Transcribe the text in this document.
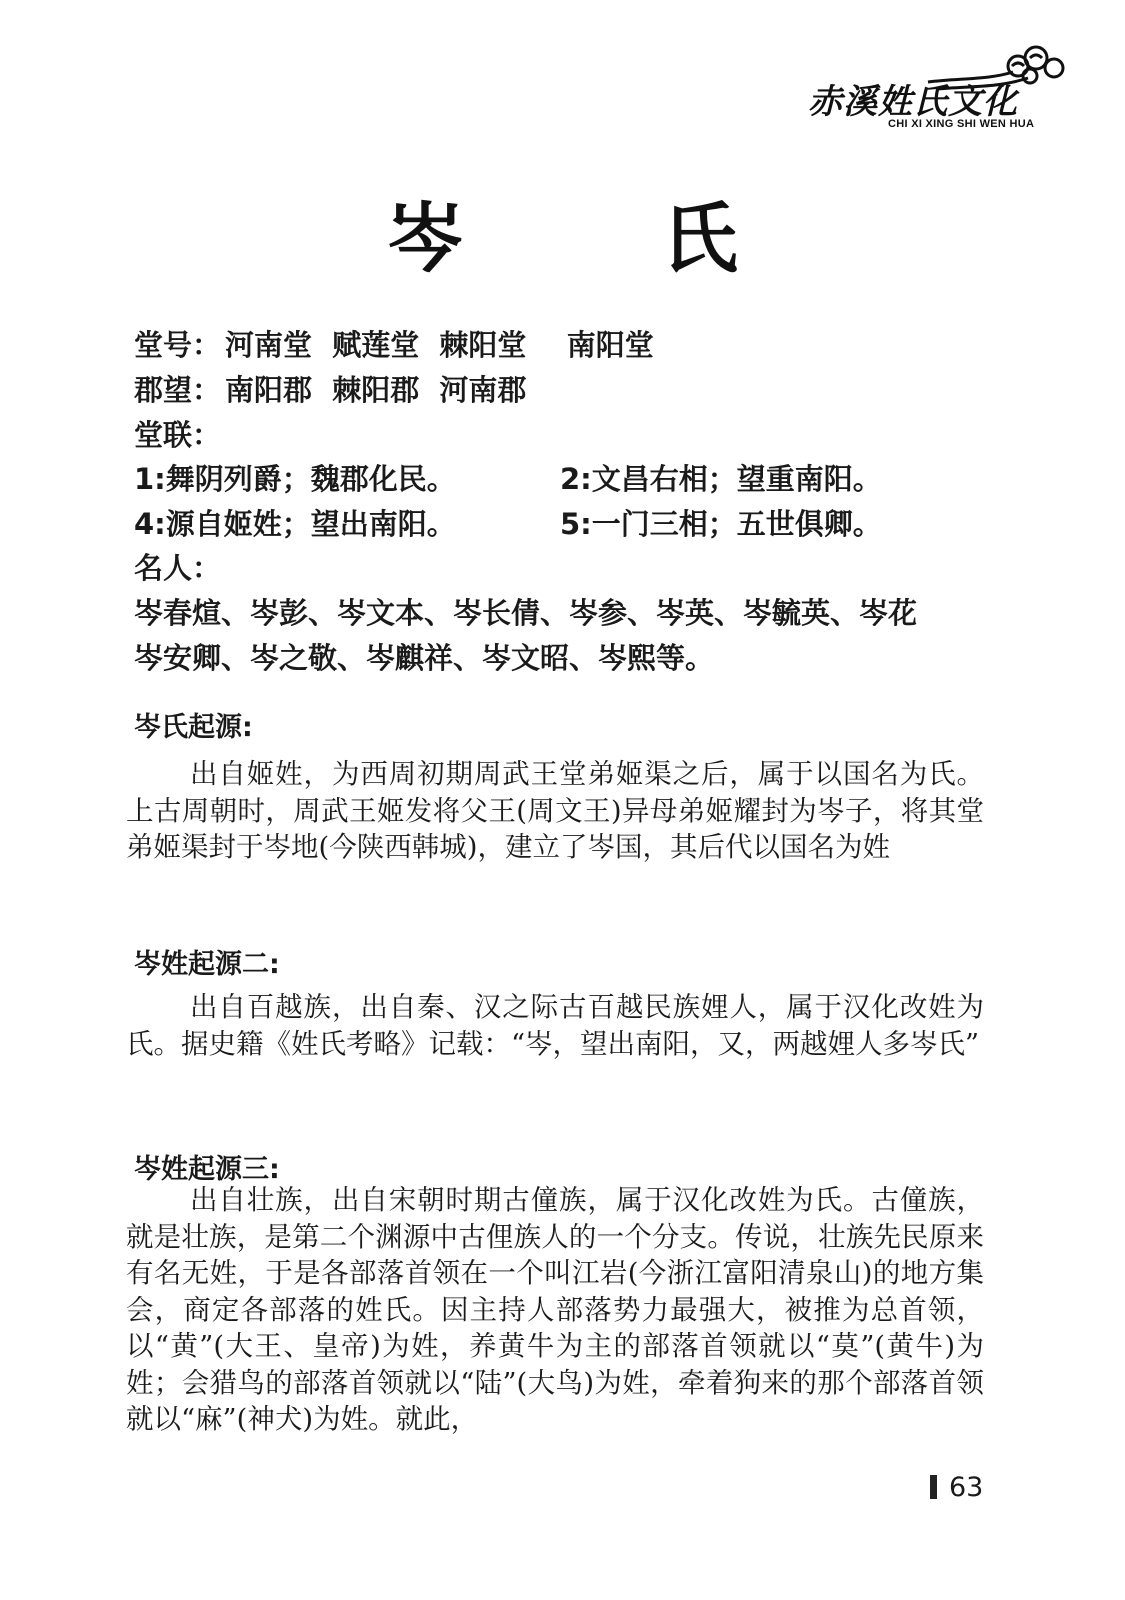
赤溪姓氏文化
CHI XI XING SHI WEN HUA
岑 氏
堂号： 河南堂  赋莲堂  棘阳堂    南阳堂
郡望： 南阳郡  棘阳郡  河南郡
堂联：
1:舞阴列爵；魏郡化民。	2:文昌右相；望重南阳。
4:源自姬姓；望出南阳。	5:一门三相；五世俱卿。
名人：
岑春煊、岑彭、岑文本、岑长倩、岑参、岑英、岑毓英、岑花
岑安卿、岑之敬、岑麒祥、岑文昭、岑熙等。
岑氏起源:

出自姬姓，为西周初期周武王堂弟姬渠之后，属于以国名为氏。上古周朝时，周武王姬发将父王(周文王)异母弟姬耀封为岑子，将其堂弟姬渠封于岑地(今陕西韩城)，建立了岑国，其后代以国名为姓

岑姓起源二:

出自百越族，出自秦、汉之际古百越民族娌人，属于汉化改姓为氏。据史籍《姓氏考略》记载：“岑，望出南阳，又，两越娌人多岑氏”

岑姓起源三:

出自壮族，出自宋朝时期古僮族，属于汉化改姓为氏。古僮族，就是壮族，是第二个渊源中古俚族人的一个分支。传说，壮族先民原来有名无姓，于是各部落首领在一个叫江岩(今浙江富阳清泉山)的地方集会，商定各部落的姓氏。因主持人部落势力最强大，被推为总首领，以“黄”(大王、皇帝)为姓，养黄牛为主的部落首领就以“莫”(黄牛)为姓；会猎鸟的部落首领就以“陆”(大鸟)为姓，牵着狗来的那个部落首领就以“麻”(神犬)为姓。就此，

63
